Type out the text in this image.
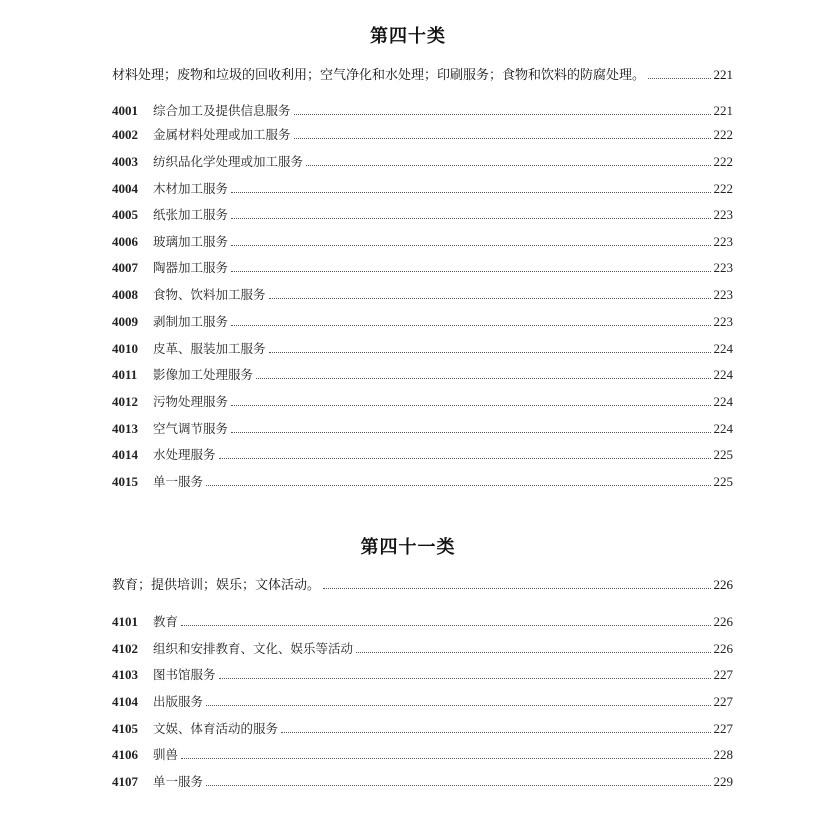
第四十类
材料处理；废物和垃圾的回收利用；空气净化和水处理；印刷服务；食物和饮料的防腐处理。	221
4001	综合加工及提供信息服务	221
4002	金属材料处理或加工服务	222
4003	纺织品化学处理或加工服务	222
4004	木材加工服务	222
4005	纸张加工服务	223
4006	玻璃加工服务	223
4007	陶器加工服务	223
4008	食物、饮料加工服务	223
4009	剥制加工服务	223
4010	皮革、服装加工服务	224
4011	影像加工处理服务	224
4012	污物处理服务	224
4013	空气调节服务	224
4014	水处理服务	225
4015	单一服务	225
第四十一类
教育；提供培训；娱乐；文体活动。	226
4101	教育	226
4102	组织和安排教育、文化、娱乐等活动	226
4103	图书馆服务	227
4104	出版服务	227
4105	文娱、体育活动的服务	227
4106	驯兽	228
4107	单一服务	229
